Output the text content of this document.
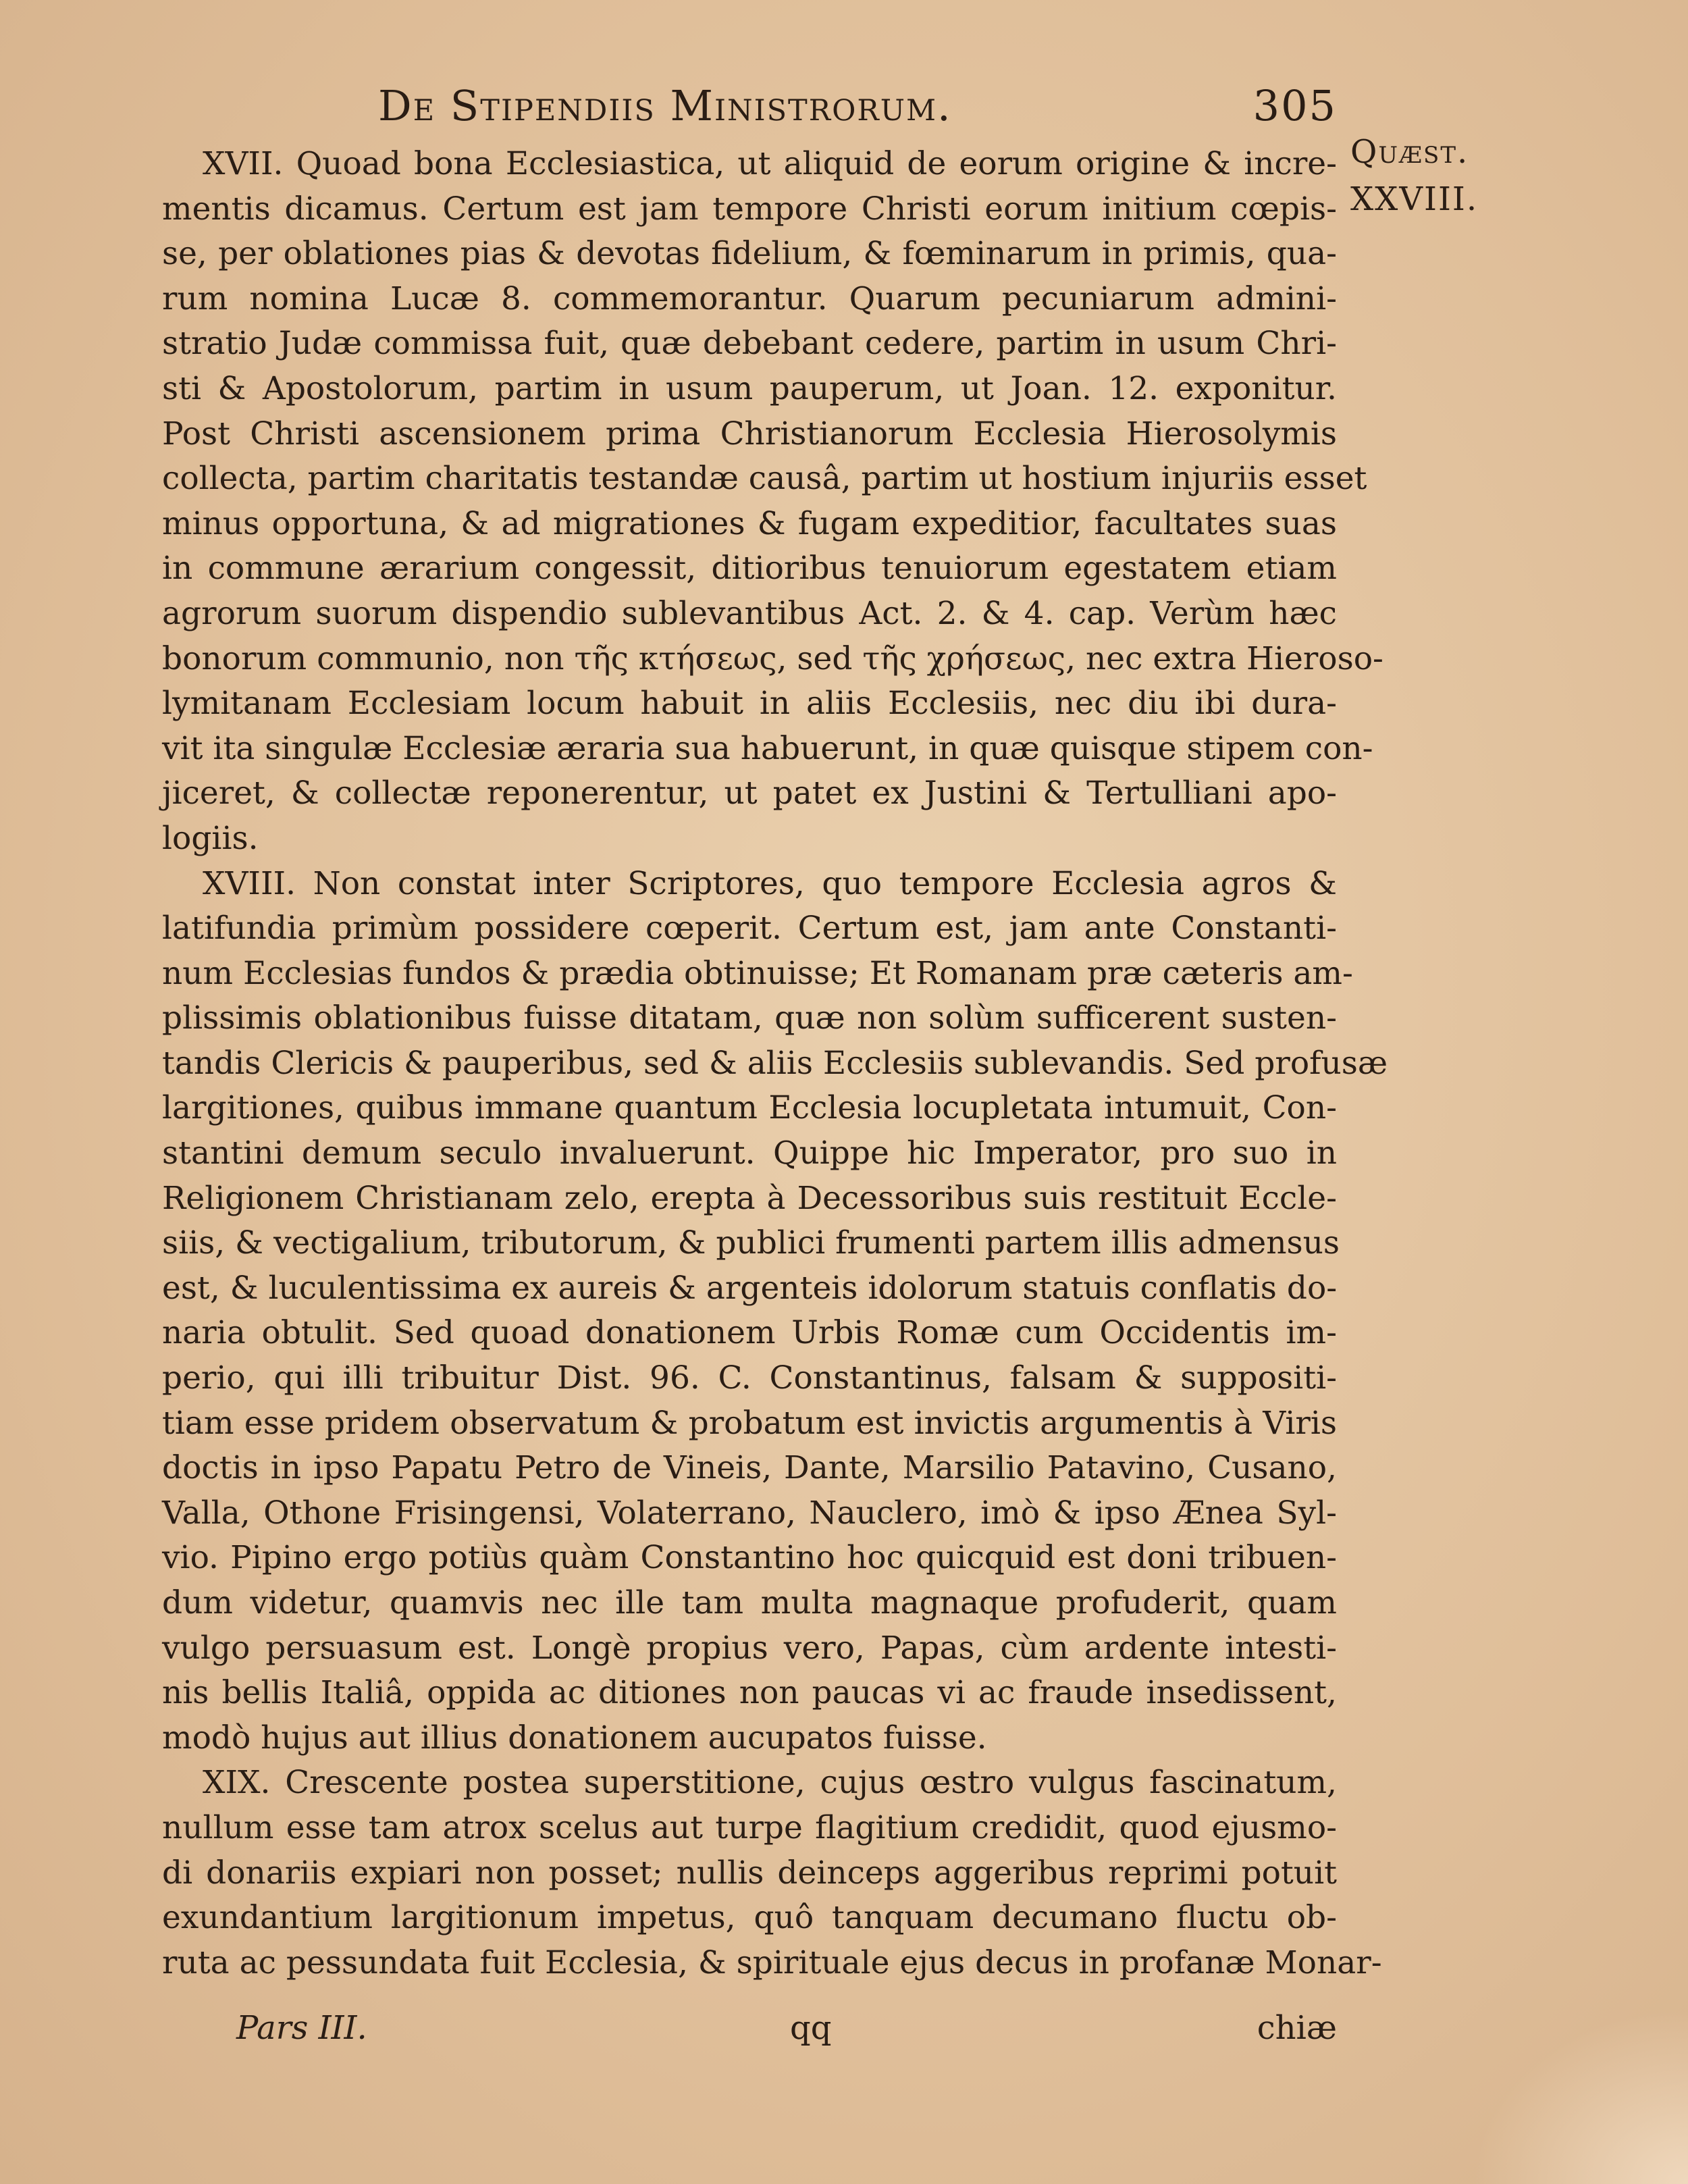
De Stipendiis Ministrorum.	305
Quæst.
XXVIII.
XVII. Quoad bona Ecclesiastica, ut aliquid de eorum origine & incre-
mentis dicamus. Certum est jam tempore Christi eorum initium cœpis-
se, per oblationes pias & devotas fidelium, & fœminarum in primis, qua-
rum nomina Lucæ 8. commemorantur. Quarum pecuniarum admini-
stratio Judæ commissa fuit, quæ debebant cedere, partim in usum Chri-
sti & Apostolorum, partim in usum pauperum, ut Joan. 12. exponitur.
Post Christi ascensionem prima Christianorum Ecclesia Hierosolymis
collecta, partim charitatis testandæ causâ, partim ut hostium injuriis esset
minus opportuna, & ad migrationes & fugam expeditior, facultates suas
in commune ærarium congessit, ditioribus tenuiorum egestatem etiam
agrorum suorum dispendio sublevantibus Act. 2. & 4. cap. Verùm hæc
bonorum communio, non τῆς κτήσεως, sed τῆς χρήσεως, nec extra Hieroso-
lymitanam Ecclesiam locum habuit in aliis Ecclesiis, nec diu ibi dura-
vit ita singulæ Ecclesiæ æraria sua habuerunt, in quæ quisque stipem con-
jiceret, & collectæ reponerentur, ut patet ex Justini & Tertulliani apo-
logiis.
XVIII. Non constat inter Scriptores, quo tempore Ecclesia agros &
latifundia primùm possidere cœperit. Certum est, jam ante Constanti-
num Ecclesias fundos & prædia obtinuisse; Et Romanam præ cæteris am-
plissimis oblationibus fuisse ditatam, quæ non solùm sufficerent susten-
tandis Clericis & pauperibus, sed & aliis Ecclesiis sublevandis. Sed profusæ
largitiones, quibus immane quantum Ecclesia locupletata intumuit, Con-
stantini demum seculo invaluerunt. Quippe hic Imperator, pro suo in
Religionem Christianam zelo, erepta à Decessoribus suis restituit Eccle-
siis, & vectigalium, tributorum, & publici frumenti partem illis admensus
est, & luculentissima ex aureis & argenteis idolorum statuis conflatis do-
naria obtulit. Sed quoad donationem Urbis Romæ cum Occidentis im-
perio, qui illi tribuitur Dist. 96. C. Constantinus, falsam & suppositi-
tiam esse pridem observatum & probatum est invictis argumentis à Viris
doctis in ipso Papatu Petro de Vineis, Dante, Marsilio Patavino, Cusano,
Valla, Othone Frisingensi, Volaterrano, Nauclero, imò & ipso Ænea Syl-
vio. Pipino ergo potiùs quàm Constantino hoc quicquid est doni tribuen-
dum videtur, quamvis nec ille tam multa magnaque profuderit, quam
vulgo persuasum est. Longè propius vero, Papas, cùm ardente intesti-
nis bellis Italiâ, oppida ac ditiones non paucas vi ac fraude insedissent,
modò hujus aut illius donationem aucupatos fuisse.
XIX. Crescente postea superstitione, cujus œstro vulgus fascinatum,
nullum esse tam atrox scelus aut turpe flagitium credidit, quod ejusmo-
di donariis expiari non posset; nullis deinceps aggeribus reprimi potuit
exundantium largitionum impetus, quô tanquam decumano fluctu ob-
ruta ac pessundata fuit Ecclesia, & spirituale ejus decus in profanæ Monar-
Pars III.	qq	chiæ
